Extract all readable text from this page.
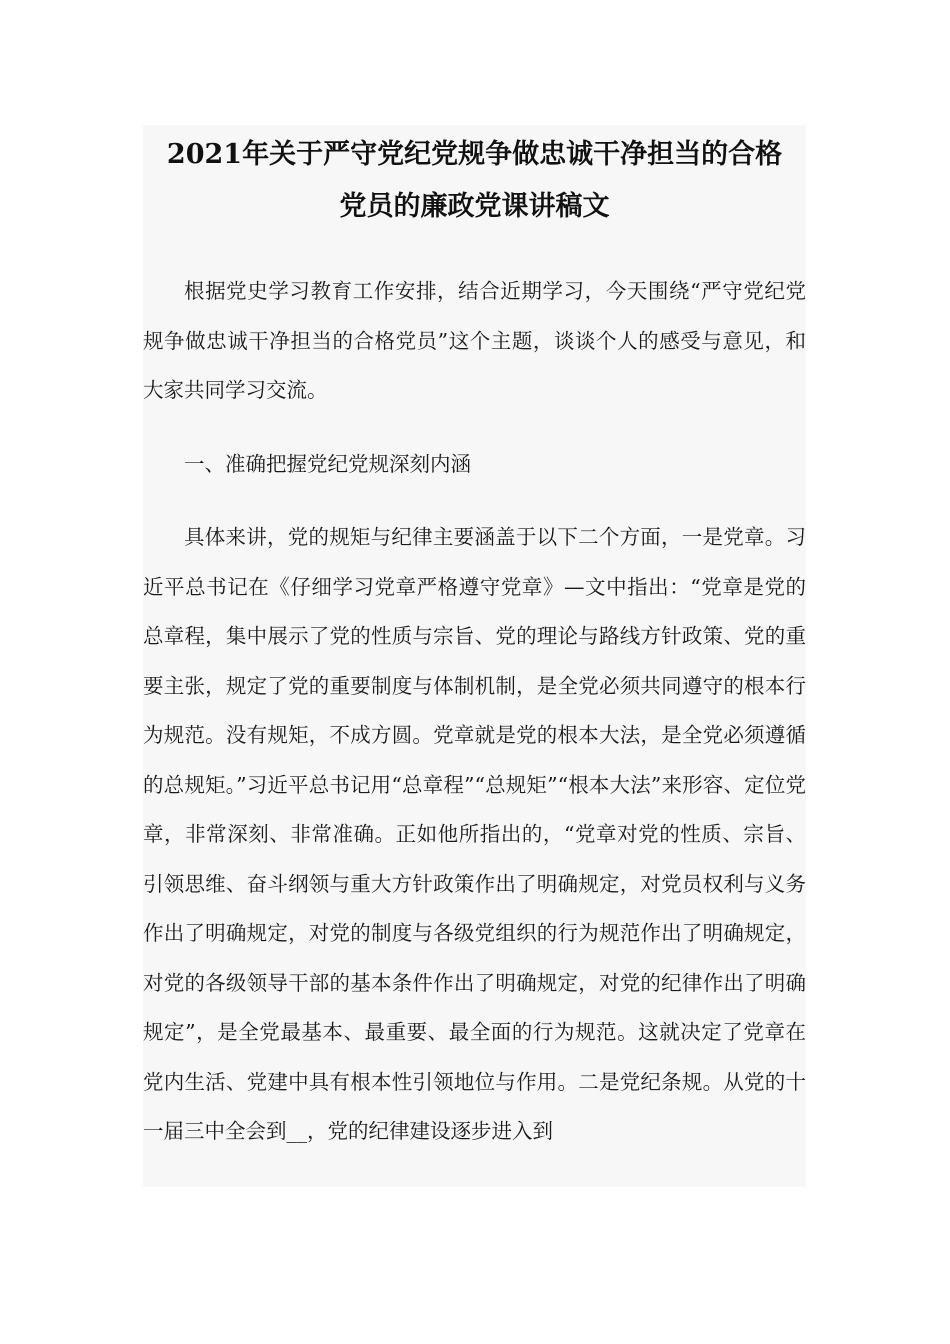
2021年关于严守党纪党规争做忠诚干净担当的合格
党员的廉政党课讲稿文

根据党史学习教育工作安排，结合近期学习，今天围绕“严守党纪党规争做忠诚干净担当的合格党员”这个主题，谈谈个人的感受与意见，和大家共同学习交流。

一、准确把握党纪党规深刻内涵

具体来讲，党的规矩与纪律主要涵盖于以下二个方面，一是党章。习近平总书记在《仔细学习党章严格遵守党章》—文中指出：“党章是党的总章程，集中展示了党的性质与宗旨、党的理论与路线方针政策、党的重要主张，规定了党的重要制度与体制机制，是全党必须共同遵守的根本行为规范。没有规矩，不成方圆。党章就是党的根本大法，是全党必须遵循的总规矩。”习近平总书记用“总章程”“总规矩”“根本大法”来形容、定位党章，非常深刻、非常准确。正如他所指出的，“党章对党的性质、宗旨、引领思维、奋斗纲领与重大方针政策作出了明确规定，对党员权利与义务作出了明确规定，对党的制度与各级党组织的行为规范作出了明确规定，对党的各级领导干部的基本条件作出了明确规定，对党的纪律作出了明确规定”，是全党最基本、最重要、最全面的行为规范。这就决定了党章在党内生活、党建中具有根本性引领地位与作用。二是党纪条规。从党的十一届三中全会到__，党的纪律建设逐步进入到
